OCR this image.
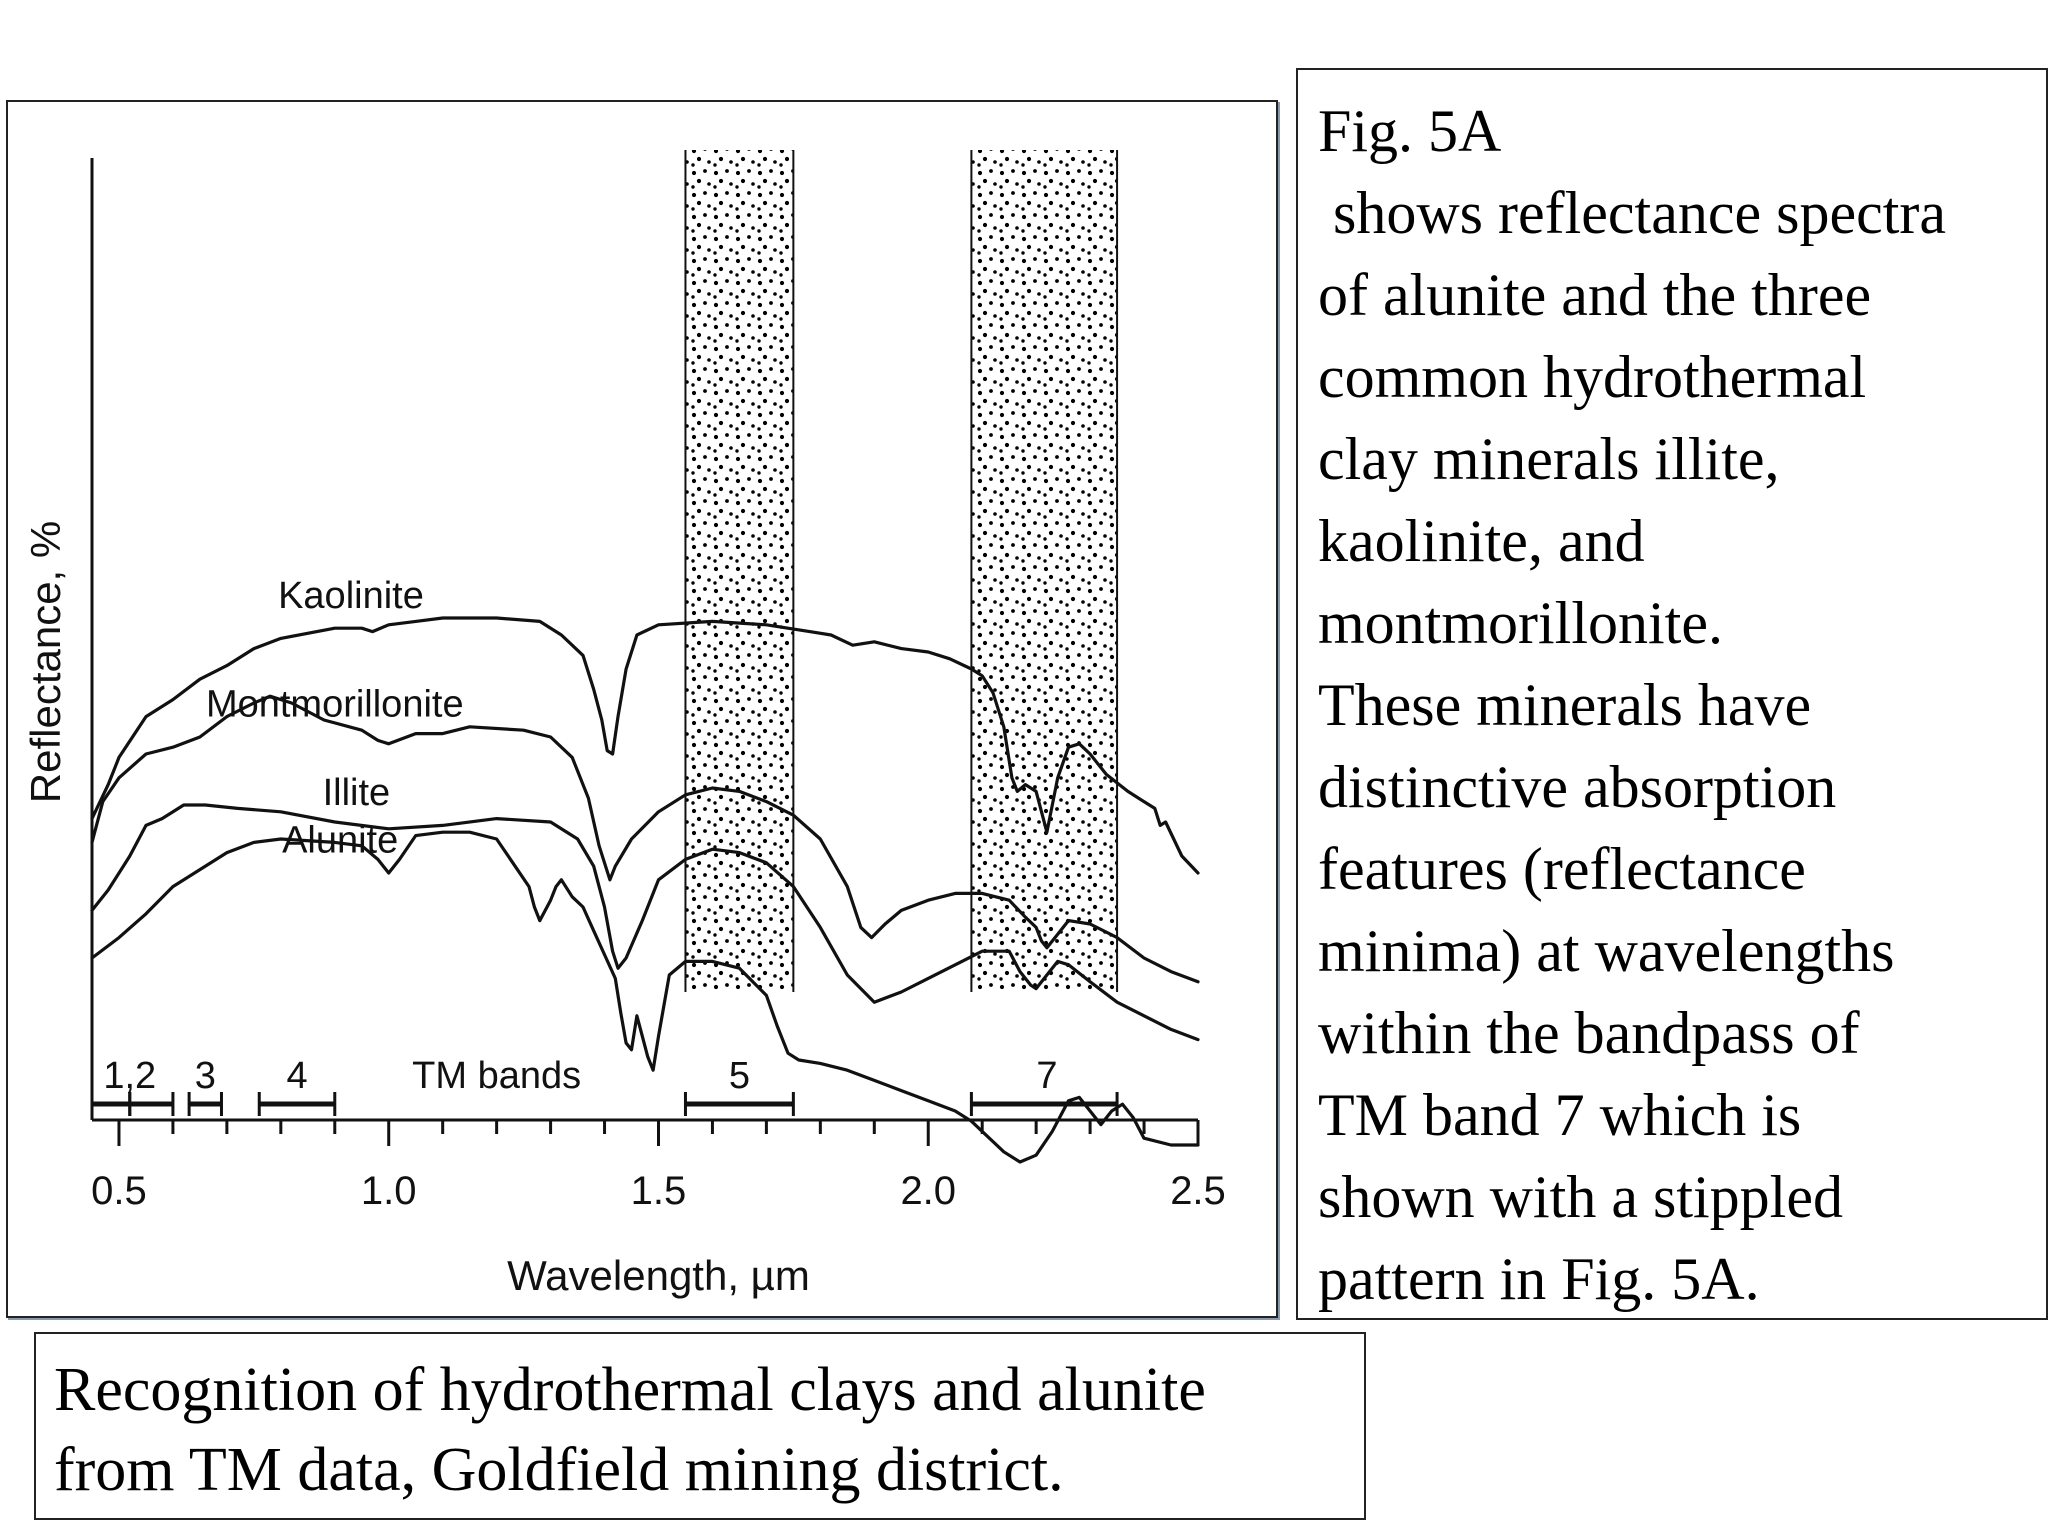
0.5	1.0	1.5	2.0	2.5
Wavelength, µm
Reflectance, %
1,2 3 4	TM bands	5	7
Kaolinite
Montmorillonite
Illite
Alunite
Fig. 5A
shows reflectance spectra
of alunite and the three
common hydrothermal
clay minerals illite,
kaolinite, and
montmorillonite.
These minerals have
distinctive absorption
features (reflectance
minima) at wavelengths
within the bandpass of
TM band 7 which is
shown with a stippled
pattern in Fig. 5A.
Recognition of hydrothermal clays and alunite
from TM data, Goldfield mining district.
